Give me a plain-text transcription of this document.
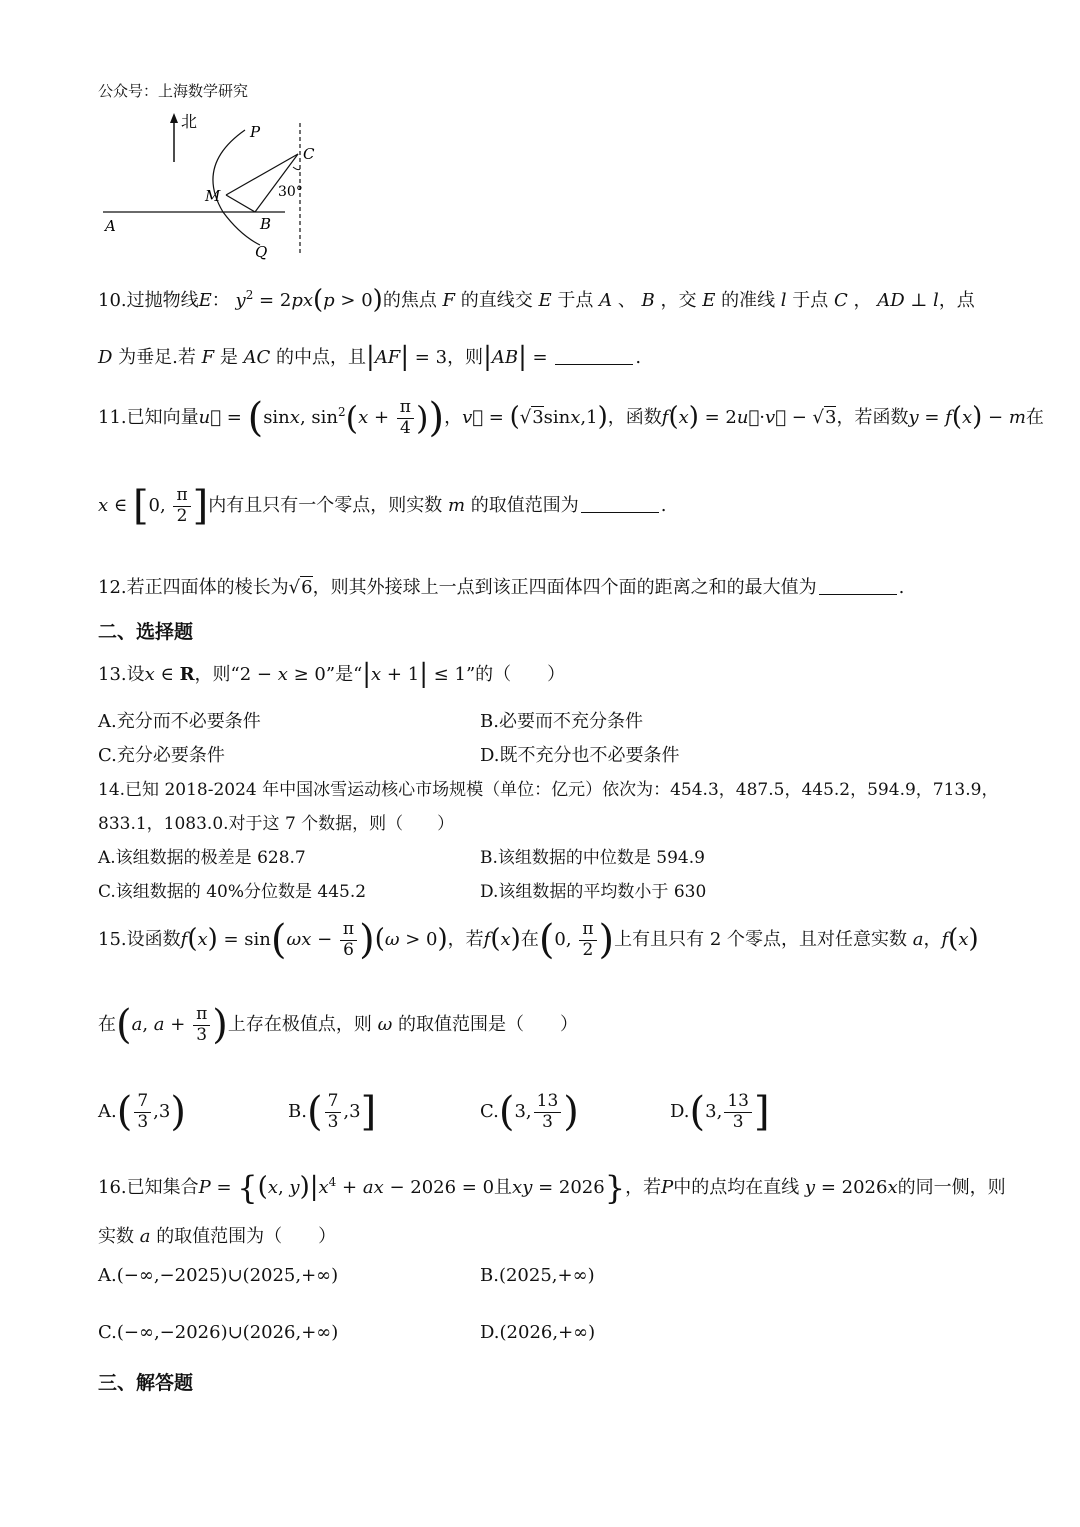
公众号：上海数学研究
北
P
C
M
B
A
Q
30°
10.过抛物线E： $y^2 = 2px(p > 0)$的焦点 F 的直线交 E 于点 A 、 B ，交 E 的准线 l 于点 C ， AD ⊥ l，点
D 为垂足.若 F 是 AC 的中点，且|AF| = 3，则|AB| =	.
11.已知向量u⃗ = (sinx, $\sin^2(x + \frac{\pi}{4}$ ))，v⃗ = (√3sinx,1)，函数f(x) = 2u⃗·v⃗ − √3，若函数y = f(x) − m在
x ∈ [0, $\frac{\pi}{2}$ ]内有且只有一个零点，则实数 m 的取值范围为	.
12.若正四面体的棱长为√6，则其外接球上一点到该正四面体四个面的距离之和的最大值为	.
二、选择题
13.设x ∈ R，则“2 − x ≥ 0”是“|x + 1| ≤ 1”的（　　）
A.充分而不必要条件	B.必要而不充分条件
C.充分必要条件	D.既不充分也不必要条件
14.已知 2018-2024 年中国冰雪运动核心市场规模（单位：亿元）依次为：454.3，487.5，445.2，594.9，713.9，
833.1，1083.0.对于这 7 个数据，则（　　）
A.该组数据的极差是 628.7	B.该组数据的中位数是 594.9
C.该组数据的 40%分位数是 445.2	D.该组数据的平均数小于 630
15.设函数$f(x) = \sin(\omega x - \frac{\pi}{6} )(\omega > 0)$，若f(x)在(0, $\frac{\pi}{2}$ )上有且只有 2 个零点，且对任意实数 a，f(x)
在(a, $a + \frac{\pi}{3}$ )上存在极值点，则 ω 的取值范围是（　　）
$A.( \frac{7}{3} ,3)$	$B.( \frac{7}{3} ,3]$	C.(3, $\frac{13}{3}$ )	D.(3, $\frac{13}{3}$ ]
16.已知集合P = {(x, $y)|x^4$ + ax − 2026 = 0且xy = 2026}，若P中的点均在直线 y = 2026x的同一侧，则
实数 a 的取值范围为（　　）
A.(−∞,−2025)∪(2025,+∞)	B.(2025,+∞)
C.(−∞,−2026)∪(2026,+∞)	D.(2026,+∞)
三、解答题
